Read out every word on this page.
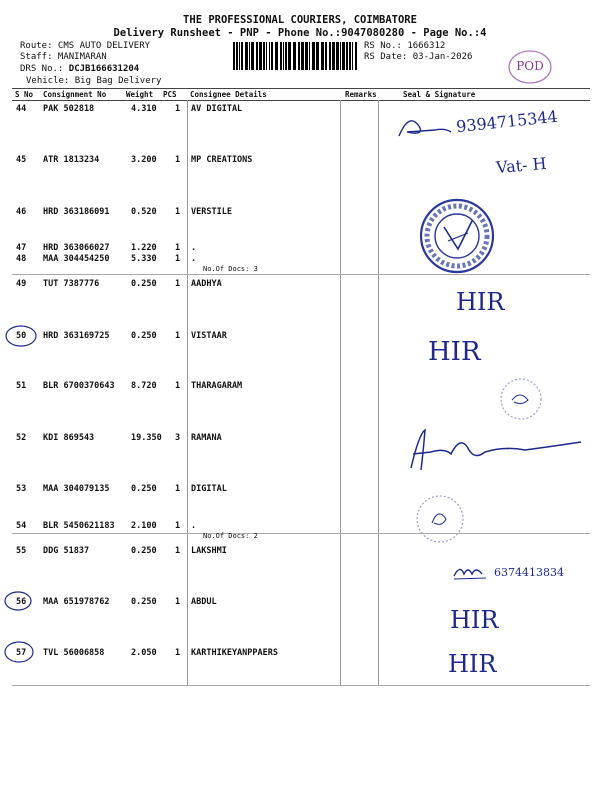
THE PROFESSIONAL COURIERS, COIMBATORE
Delivery Runsheet - PNP - Phone No.:9047080280 - Page No.:4
Route: CMS AUTO DELIVERY
Staff: MANIMARAN
DRS No.: DCJB166631204
Vehicle: Big Bag Delivery
RS No.: 1666312
RS Date: 03-Jan-2026
POD
S No Consignment No	Weight PCS Consignee Details	Remarks	Seal & Signature
44 PAK 502818	4.310 1 AV DIGITAL
45 ATR 1813234	3.200 1 MP CREATIONS
46 HRD 363186091	0.520 1 VERSTILE
47 HRD 363066027	1.220 1 .
48 MAA 304454250	5.330 1 .
No.Of Docs: 3
49 TUT 7387776	0.250 1 AADHYA
50 HRD 363169725	0.250 1 VISTAAR
51 BLR 6700370643 8.720 1 THARAGARAM
52 KDI 869543	19.350 3 RAMANA
53 MAA 304079135	0.250 1 DIGITAL
54 BLR 5450621183 2.100 1 .
No.Of Docs: 2
55 DDG 51837	0.250 1 LAKSHMI
56 MAA 651978762	0.250 1 ABDUL
57 TVL 56006858	2.050 1 KARTHIKEYANPPAERS
9394715344
Vat- H
HIR
HIR
6374413834
HIR
HIR
